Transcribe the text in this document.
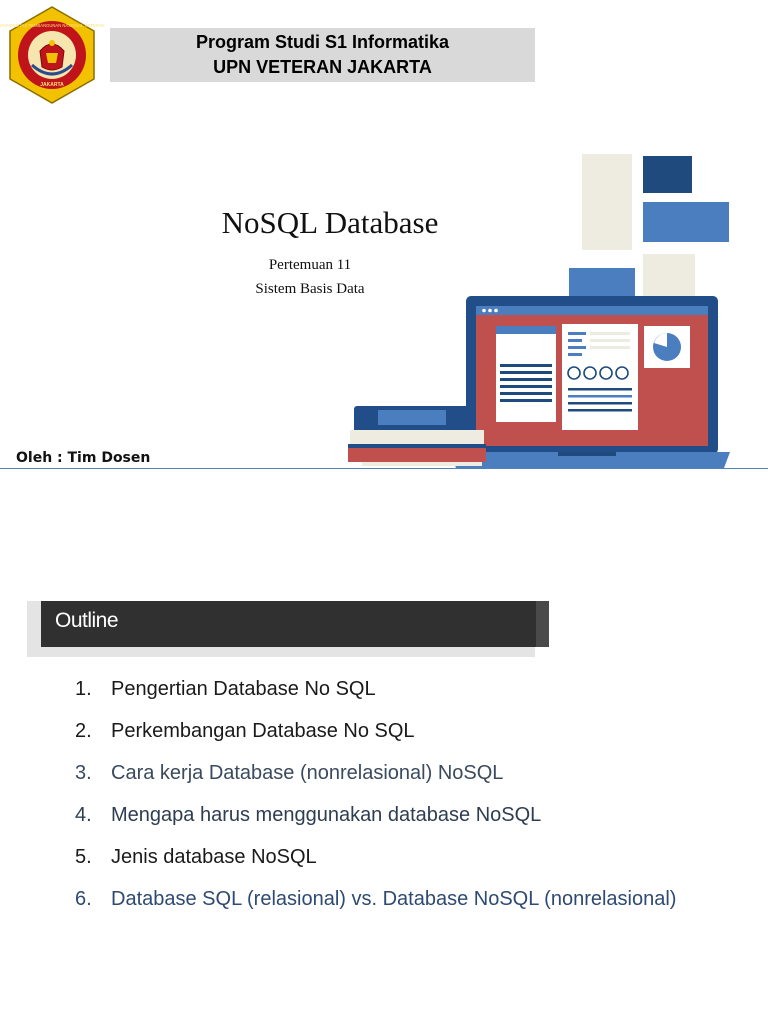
UNIVERSITAS PEMBANGUNAN NASIONAL VETERAN
JAKARTA
Program Studi S1 Informatika
UPN VETERAN JAKARTA
NoSQL Database
Pertemuan 11
Sistem Basis Data
Oleh : Tim Dosen
Outline
1. Pengertian Database No SQL
2. Perkembangan Database No SQL
3. Cara kerja Database (nonrelasional) NoSQL
4. Mengapa harus menggunakan database NoSQL
5. Jenis database NoSQL
6. Database SQL (relasional) vs. Database NoSQL (nonrelasional)
